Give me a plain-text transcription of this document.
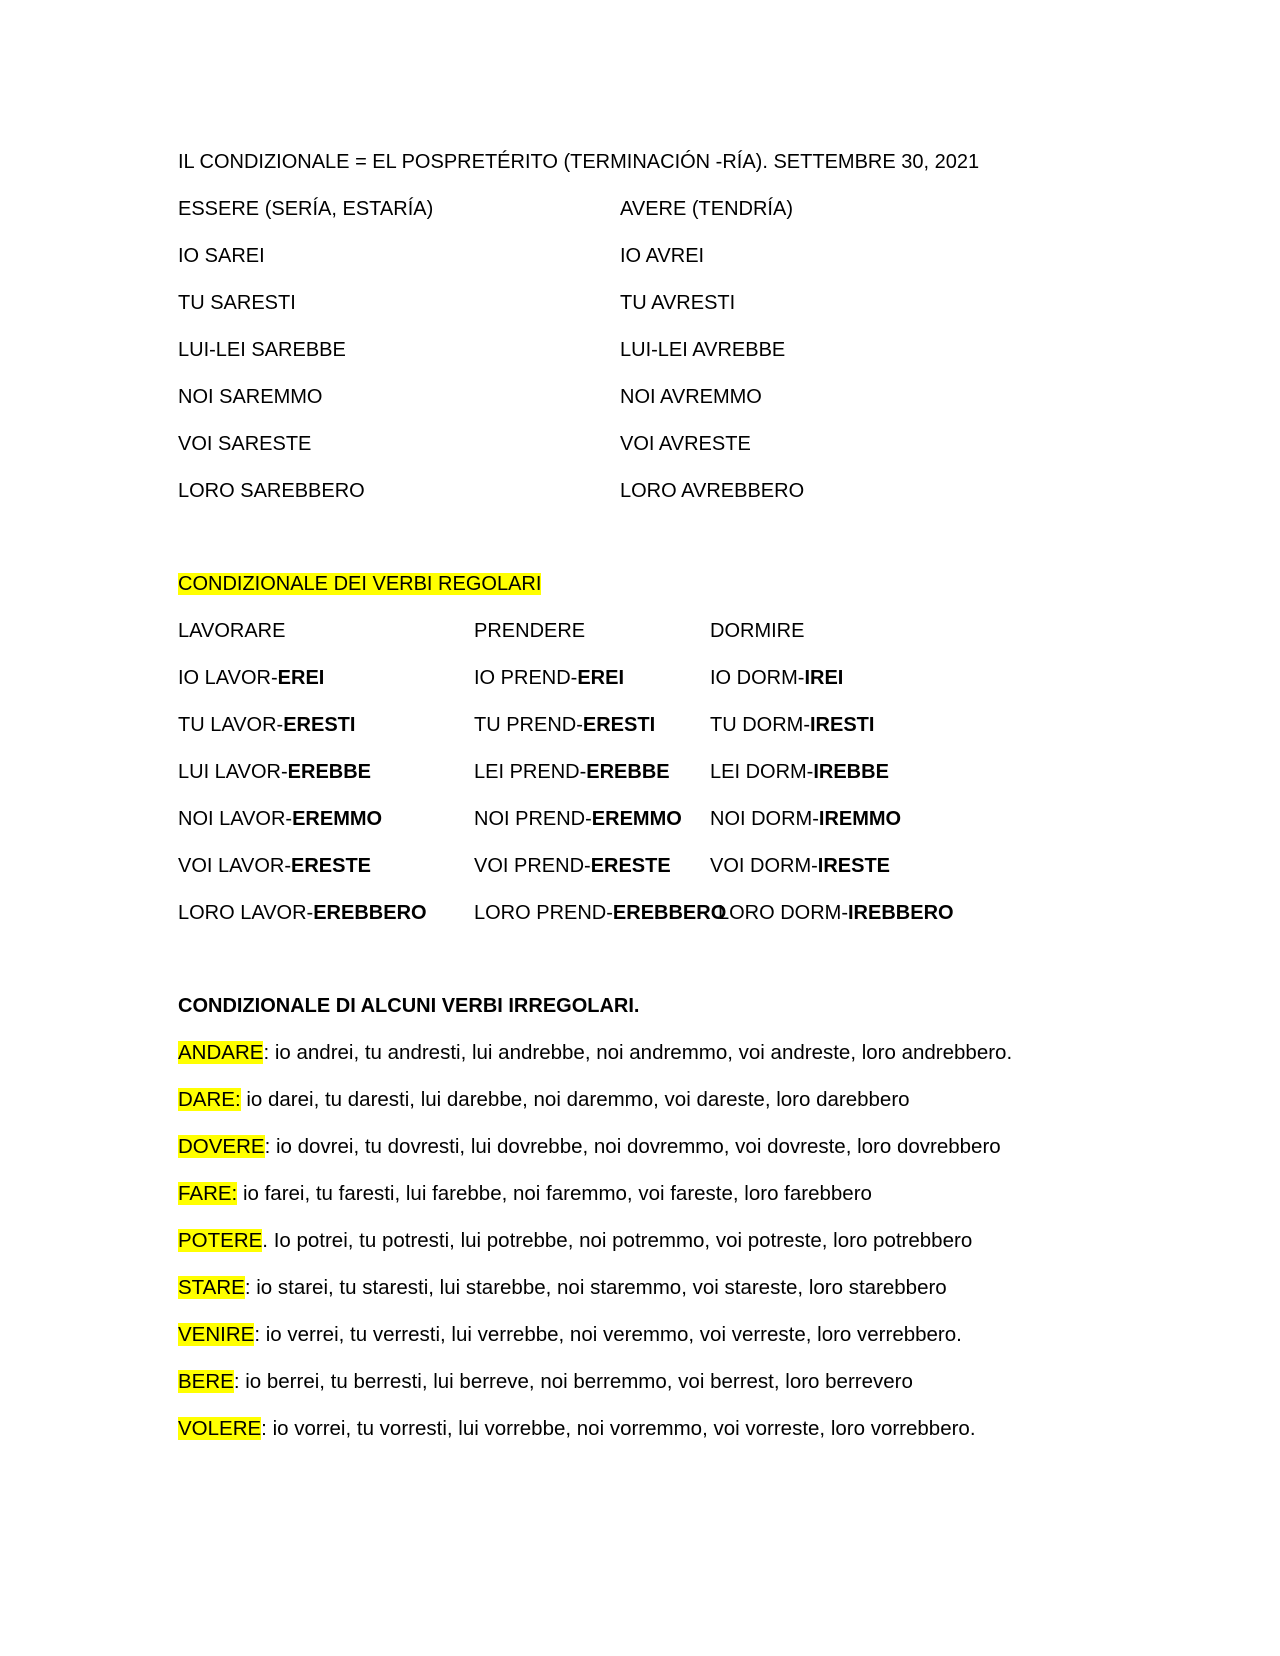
IL CONDIZIONALE = EL POSPRETÉRITO (TERMINACIÓN -RÍA). SETTEMBRE 30, 2021
ESSERE (SERÍA, ESTARÍA)
IO SAREI
TU SARESTI
LUI-LEI SAREBBE
NOI SAREMMO
VOI SARESTE
LORO SAREBBERO
AVERE (TENDRÍA)
IO AVREI
TU AVRESTI
LUI-LEI AVREBBE
NOI AVREMMO
VOI AVRESTE
LORO AVREBBERO
CONDIZIONALE DEI VERBI REGOLARI
LAVORARE
IO LAVOR-EREI
TU LAVOR-ERESTI
LUI LAVOR-EREBBE
NOI LAVOR-EREMMO
VOI LAVOR-ERESTE
LORO LAVOR-EREBBERO
PRENDERE
IO PREND-EREI
TU PREND-ERESTI
LEI PREND-EREBBE
NOI PREND-EREMMO
VOI PREND-ERESTE
LORO PREND-EREBBERO
DORMIRE
IO DORM-IREI
TU DORM-IRESTI
LEI DORM-IREBBE
NOI DORM-IREMMO
VOI DORM-IRESTE
LORO DORM-IREBBERO
CONDIZIONALE DI ALCUNI VERBI IRREGOLARI.
ANDARE: io andrei, tu andresti, lui andrebbe, noi andremmo, voi andreste, loro andrebbero.
DARE: io darei, tu daresti, lui darebbe, noi daremmo, voi dareste, loro darebbero
DOVERE: io dovrei, tu dovresti, lui dovrebbe, noi dovremmo, voi dovreste, loro dovrebbero
FARE: io farei, tu faresti, lui farebbe, noi faremmo, voi fareste, loro farebbero
POTERE. Io potrei, tu potresti, lui potrebbe, noi potremmo, voi potreste, loro potrebbero
STARE: io starei, tu staresti, lui starebbe, noi staremmo, voi stareste, loro starebbero
VENIRE: io verrei, tu verresti, lui verrebbe, noi veremmo, voi verreste, loro verrebbero.
BERE: io berrei, tu berresti, lui berreve, noi berremmo, voi berrest, loro berrevero
VOLERE: io vorrei, tu vorresti, lui vorrebbe, noi vorremmo, voi vorreste, loro vorrebbero.
